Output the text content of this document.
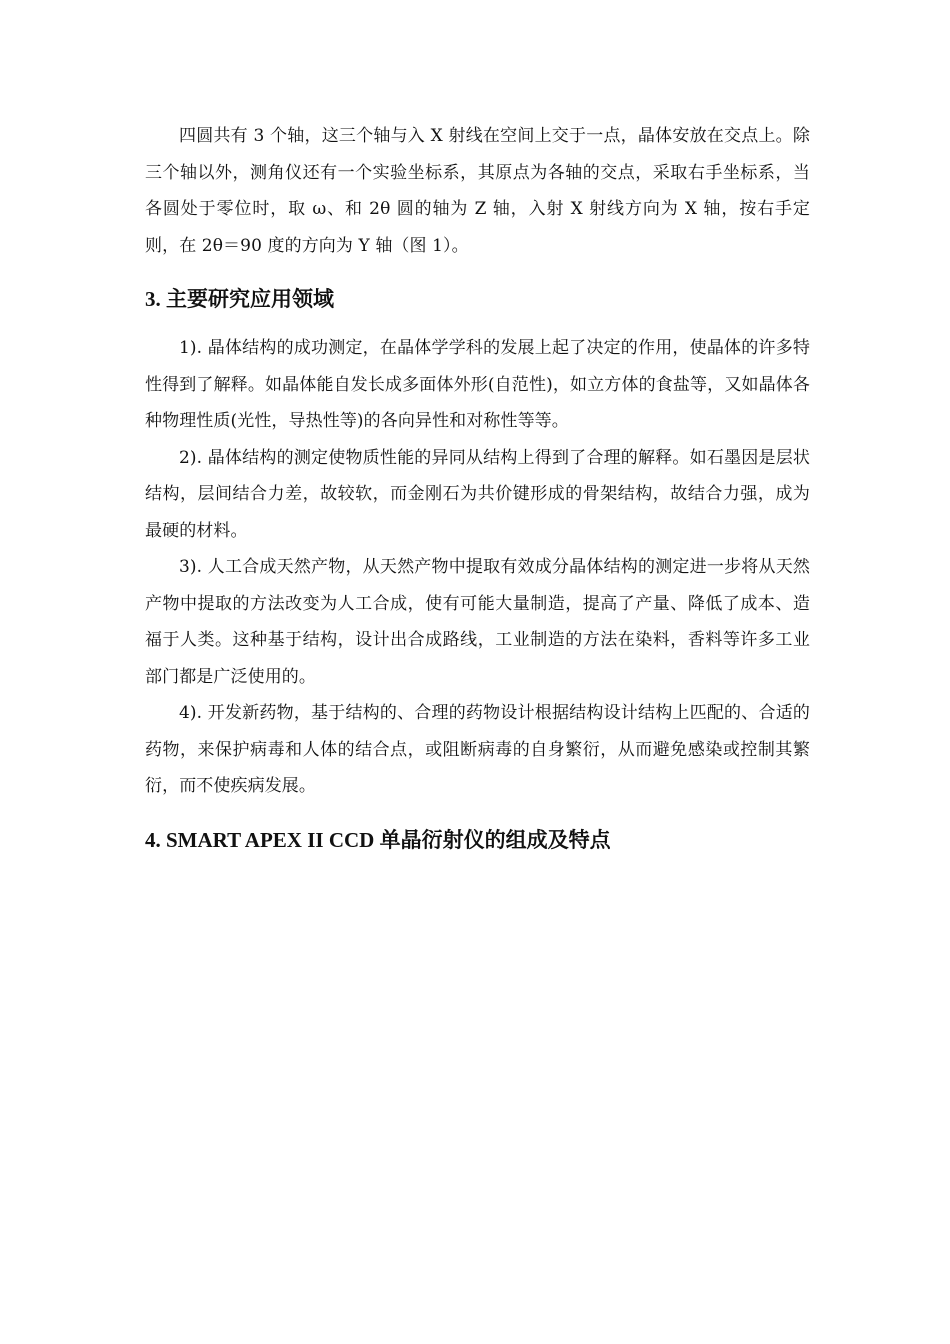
四圆共有 3 个轴，这三个轴与入 X 射线在空间上交于一点，晶体安放在交点上。除三个轴以外，测角仪还有一个实验坐标系，其原点为各轴的交点，采取右手坐标系，当各圆处于零位时，取 ω、和 2θ 圆的轴为 Z 轴，入射 X 射线方向为 X 轴，按右手定则，在 2θ＝90 度的方向为 Y 轴（图 1）。

3. 主要研究应用领域

1). 晶体结构的成功测定，在晶体学学科的发展上起了决定的作用，使晶体的许多特性得到了解释。如晶体能自发长成多面体外形(自范性)，如立方体的食盐等，又如晶体各种物理性质(光性，导热性等)的各向异性和对称性等等。

2). 晶体结构的测定使物质性能的异同从结构上得到了合理的解释。如石墨因是层状结构，层间结合力差，故较软，而金刚石为共价键形成的骨架结构，故结合力强，成为最硬的材料。

3). 人工合成天然产物，从天然产物中提取有效成分晶体结构的测定进一步将从天然产物中提取的方法改变为人工合成，使有可能大量制造，提高了产量、降低了成本、造福于人类。这种基于结构，设计出合成路线，工业制造的方法在染料，香料等许多工业部门都是广泛使用的。

4). 开发新药物，基于结构的、合理的药物设计根据结构设计结构上匹配的、合适的药物，来保护病毒和人体的结合点，或阻断病毒的自身繁衍，从而避免感染或控制其繁衍，而不使疾病发展。

4. SMART APEX II CCD 单晶衍射仪的组成及特点
